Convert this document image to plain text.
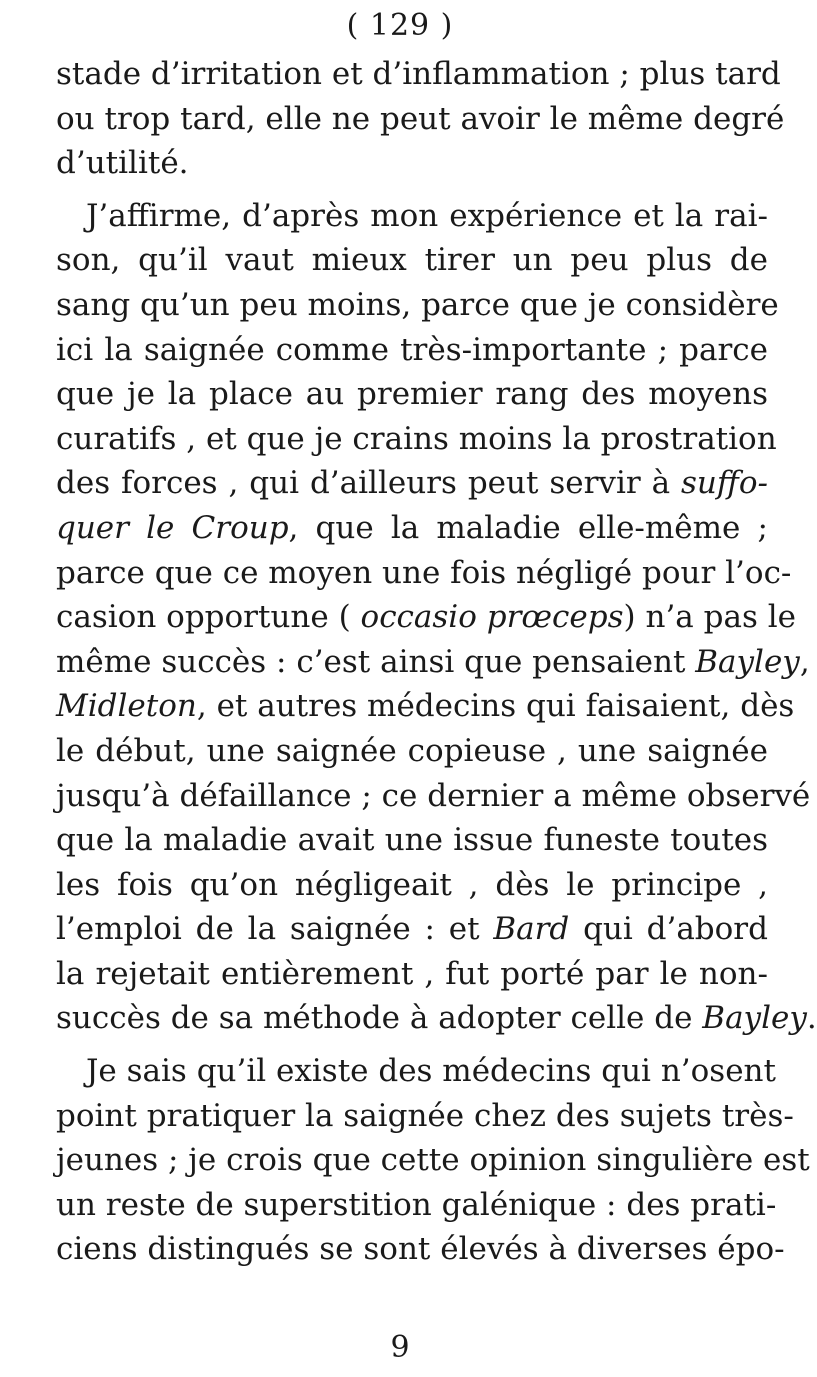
( 129 )

stade d’irritation et d’inflammation ; plus tard
ou trop tard, elle ne peut avoir le même degré
d’utilité.

J’affirme, d’après mon expérience et la rai-
son, qu’il vaut mieux tirer un peu plus de
sang qu’un peu moins, parce que je considère
ici la saignée comme très-importante ; parce
que je la place au premier rang des moyens
curatifs , et que je crains moins la prostration
des forces , qui d’ailleurs peut servir à suffo-
quer le Croup, que la maladie elle-même ;
parce que ce moyen une fois négligé pour l’oc-
casion opportune ( occasio prœceps) n’a pas le
même succès : c’est ainsi que pensaient Bayley,
Midleton, et autres médecins qui faisaient, dès
le début, une saignée copieuse , une saignée
jusqu’à défaillance ; ce dernier a même observé
que la maladie avait une issue funeste toutes
les fois qu’on négligeait , dès le principe ,
l’emploi de la saignée : et Bard qui d’abord
la rejetait entièrement , fut porté par le non-
succès de sa méthode à adopter celle de Bayley.

Je sais qu’il existe des médecins qui n’osent
point pratiquer la saignée chez des sujets très-
jeunes ; je crois que cette opinion singulière est
un reste de superstition galénique : des prati-
ciens distingués se sont élevés à diverses épo-

9
